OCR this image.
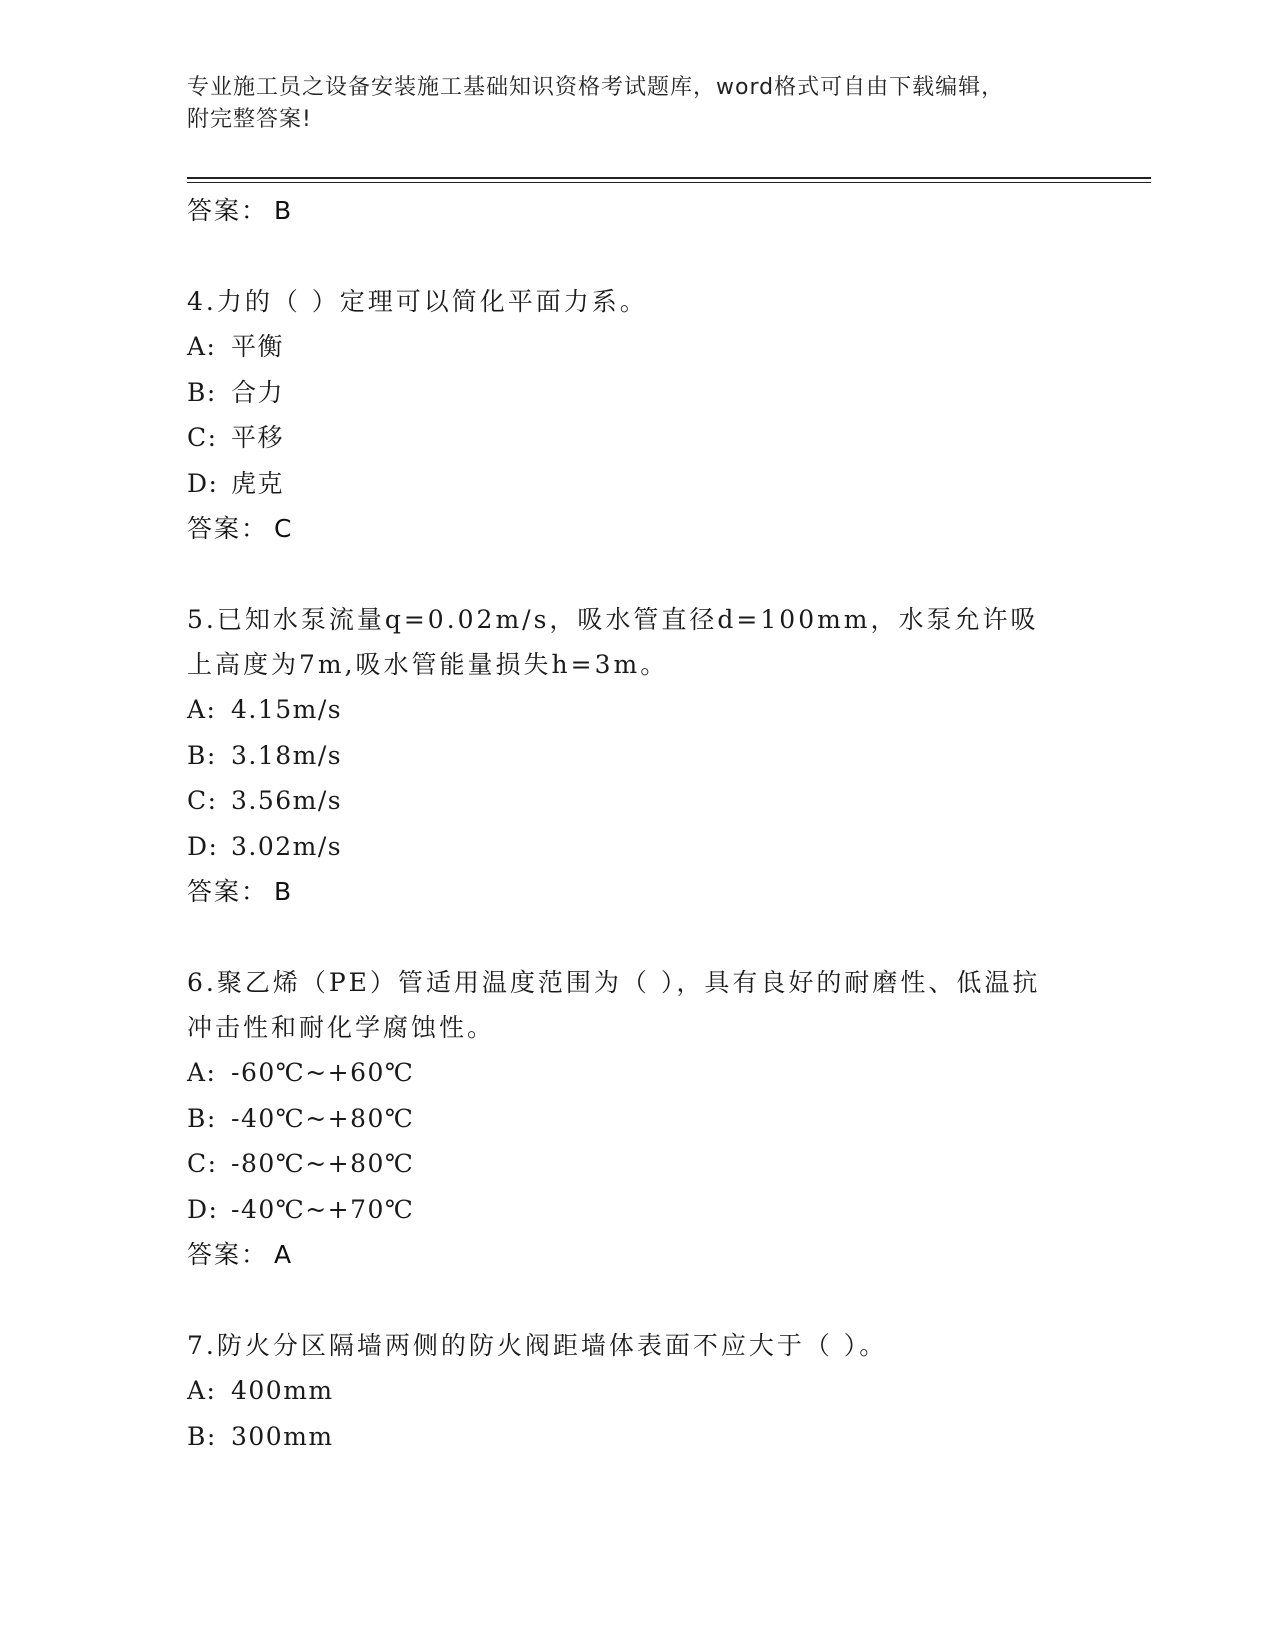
专业施工员之设备安装施工基础知识资格考试题库，word格式可自由下载编辑，
附完整答案!
答案： B
4.力的（ ）定理可以简化平面力系。
A: 平衡
B: 合力
C: 平移
D: 虎克
答案： C
5.已知水泵流量q=0.02m/s，吸水管直径d=100mm，水泵允许吸上高度为7m,吸水管能量损失h=3m。
A: 4.15m/s
B: 3.18m/s
C: 3.56m/s
D: 3.02m/s
答案： B
6.聚乙烯（PE）管适用温度范围为（ ），具有良好的耐磨性、低温抗冲击性和耐化学腐蚀性。
A: -60℃~+60℃
B: -40℃~+80℃
C: -80℃~+80℃
D: -40℃~+70℃
答案： A
7.防火分区隔墙两侧的防火阀距墙体表面不应大于（ ）。
A: 400mm
B: 300mm
